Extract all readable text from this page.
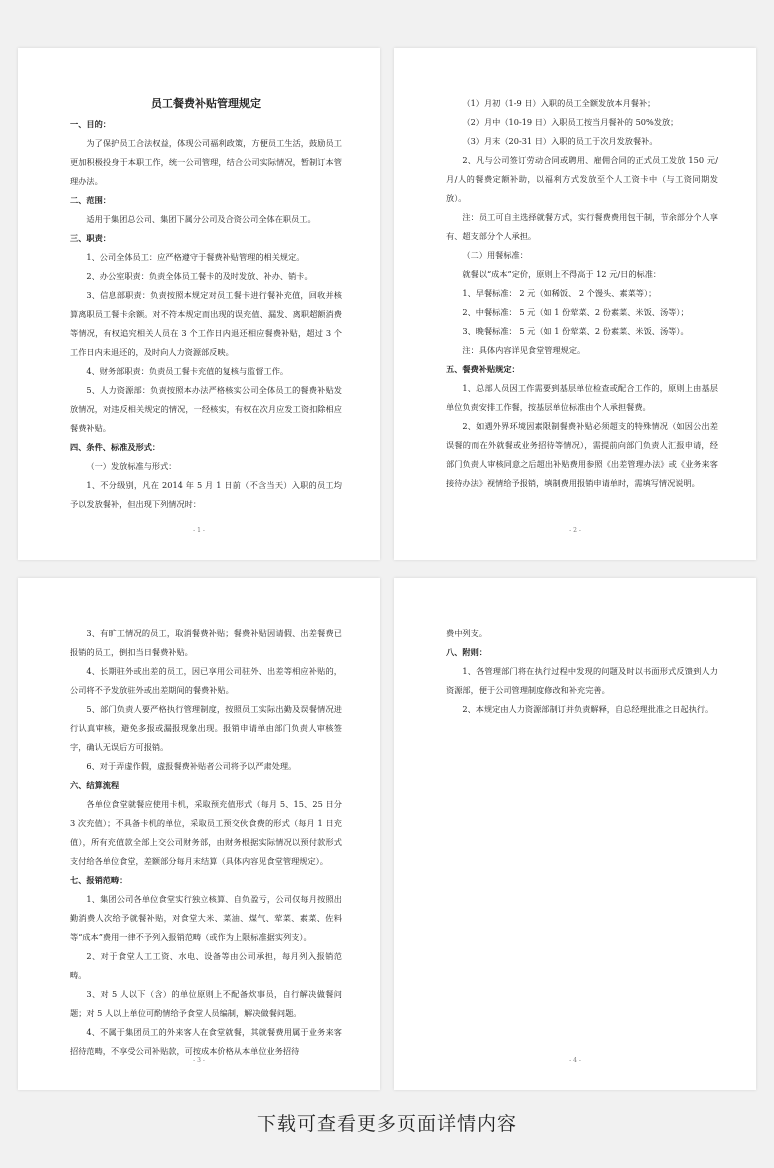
员工餐费补贴管理规定
一、目的：
为了保护员工合法权益，体现公司福利政策，方便员工生活，鼓励员工更加积极投身于本职工作，统一公司管理，结合公司实际情况，暂制订本管理办法。
二、范围：
适用于集团总公司、集团下属分公司及合资公司全体在职员工。
三、职责：
1、公司全体员工：应严格遵守于餐费补贴管理的相关规定。
2、办公室职责：负责全体员工餐卡的及时发放、补办、销卡。
3、信息部职责：负责按照本规定对员工餐卡进行餐补充值，回收并核算离职员工餐卡余额。对不符本规定而出现的误充值、漏发、离职超额消费等情况，有权追究相关人员在 3 个工作日内退还相应餐费补贴，超过 3 个工作日内未退还的，及时向人力资源部反映。
4、财务部职责：负责员工餐卡充值的复核与监督工作。
5、人力资源部：负责按照本办法严格核实公司全体员工的餐费补贴发放情况，对违反相关规定的情况，一经核实，有权在次月应发工资扣除相应餐费补贴。
四、条件、标准及形式：
（一）发放标准与形式：
1、不分级别，凡在 2014 年 5 月 1 日前（不含当天）入职的员工均予以发放餐补，但出现下列情况时：
- 1 -
（1）月初（1-9 日）入职的员工全额发放本月餐补；
（2）月中（10-19 日）入职员工按当月餐补的 50%发放；
（3）月末（20-31 日）入职的员工于次月发放餐补。
2、凡与公司签订劳动合同或聘用、雇佣合同的正式员工发放 150 元/月/人的餐费定额补助，以福利方式发放至个人工资卡中（与工资同期发放）。
注：员工可自主选择就餐方式，实行餐费费用包干制，节余部分个人享有、超支部分个人承担。
（二）用餐标准：
就餐以“成本”定价，原则上不得高于 12 元/日的标准：
1、早餐标准： 2 元（如稀饭、 2 个馒头、素菜等）；
2、中餐标准： 5 元（如 1 份荤菜、2 份素菜、米饭、汤等）；
3、晚餐标准： 5 元（如 1 份荤菜、2 份素菜、米饭、汤等）。
注：具体内容详见食堂管理规定。
五、餐费补贴规定：
1、总部人员因工作需要到基层单位检查或配合工作的，原则上由基层单位负责安排工作餐，按基层单位标准由个人承担餐费。
2、如遇外界环境因素限制餐费补贴必须超支的特殊情况（如因公出差误餐的而在外就餐或业务招待等情况），需提前向部门负责人汇报申请，经部门负责人审核同意之后超出补贴费用参照《出差管理办法》或《业务来客接待办法》视情给予报销，填制费用报销申请单时，需填写情况说明。
- 2 -
3、有旷工情况的员工，取消餐费补贴；餐费补贴因请假、出差餐费已报销的员工，倒扣当日餐费补贴。
4、长期驻外或出差的员工，因已享用公司驻外、出差等相应补贴的，公司将不予发放驻外或出差期间的餐费补贴。
5、部门负责人要严格执行管理制度，按照员工实际出勤及误餐情况进行认真审核，避免多报或漏报现象出现。报销申请单由部门负责人审核签字，确认无误后方可报销。
6、对于弄虚作假，虚报餐费补贴者公司将予以严肃处理。
六、结算流程
各单位食堂就餐应使用卡机，采取预充值形式（每月 5、15、25 日分 3 次充值）；不具备卡机的单位，采取员工预交伙食费的形式（每月 1 日充值），所有充值款全部上交公司财务部，由财务根据实际情况以预付款形式支付给各单位食堂，差额部分每月末结算（具体内容见食堂管理规定）。
七、报销范畴：
1、集团公司各单位食堂实行独立核算、自负盈亏，公司仅每月按照出勤消费人次给予就餐补贴，对食堂大米、菜油、煤气、荤菜、素菜、佐料等“成本”费用一律不予列入报销范畴（或作为上限标准据实列支）。
2、对于食堂人工工资、水电、设备等由公司承担，每月列入报销范畴。
3、对 5 人以下（含）的单位原则上不配备炊事员，自行解决做餐问题；对 5 人以上单位可酌情给予食堂人员编制，解决做餐问题。
4、不属于集团员工的外来客人在食堂就餐，其就餐费用属于业务来客招待范畴，不享受公司补贴款，可按成本价格从本单位业务招待
- 3 -
费中列支。
八、附则：
1、各管理部门将在执行过程中发现的问题及时以书面形式反馈到人力资源部，便于公司管理制度修改和补充完善。
2、本规定由人力资源部制订并负责解释，自总经理批准之日起执行。
- 4 -
下载可查看更多页面详情内容
